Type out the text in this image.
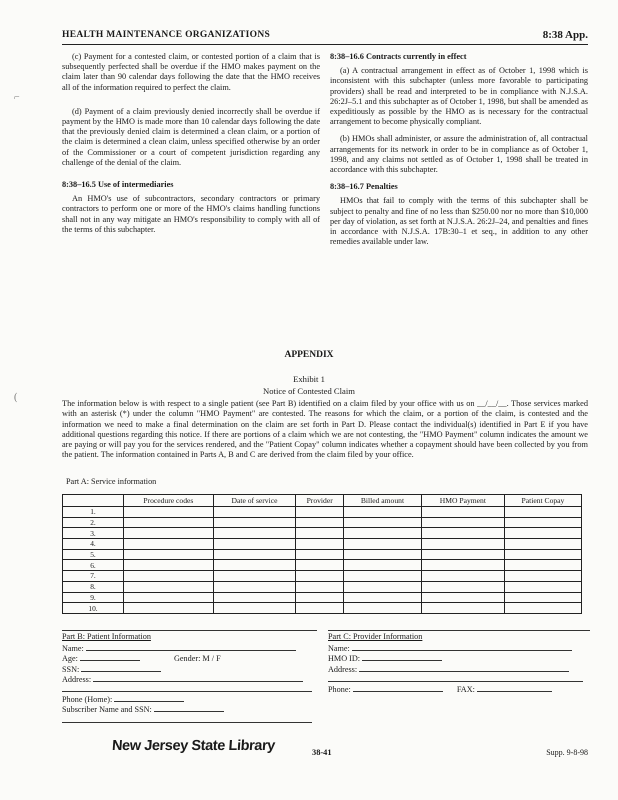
HEALTH MAINTENANCE ORGANIZATIONS	8:38 App.

(c) Payment for a contested claim, or contested portion of a claim that is subsequently perfected shall be overdue if the HMO makes payment on the claim later than 90 calendar days following the date that the HMO receives all of the information required to perfect the claim.

(d) Payment of a claim previously denied incorrectly shall be overdue if payment by the HMO is made more than 10 calendar days following the date that the previously denied claim is determined a clean claim, or a portion of the claim is determined a clean claim, unless specified otherwise by an order of the Commissioner or a court of competent jurisdiction regarding any challenge of the denial of the claim.

8:38–16.5 Use of intermediaries

An HMO's use of subcontractors, secondary contractors or primary contractors to perform one or more of the HMO's claims handling functions shall not in any way mitigate an HMO's responsibility to comply with all of the terms of this subchapter.

8:38–16.6 Contracts currently in effect

(a) A contractual arrangement in effect as of October 1, 1998 which is inconsistent with this subchapter (unless more favorable to participating providers) shall be read and interpreted to be in compliance with N.J.S.A. 26:2J–5.1 and this subchapter as of October 1, 1998, but shall be amended as expeditiously as possible by the HMO as is necessary for the contractual arrangement to become physically compliant.

(b) HMOs shall administer, or assure the administration of, all contractual arrangements for its network in order to be in compliance as of October 1, 1998, and any claims not settled as of October 1, 1998 shall be treated in accordance with this subchapter.

8:38–16.7 Penalties

HMOs that fail to comply with the terms of this subchapter shall be subject to penalty and fine of no less than $250.00 nor no more than $10,000 per day of violation, as set forth at N.J.S.A. 26:2J–24, and penalties and fines in accordance with N.J.S.A. 17B:30–1 et seq., in addition to any other remedies available under law.

APPENDIX
Exhibit 1
Notice of Contested Claim
The information below is with respect to a single patient (see Part B) identified on a claim filed by your office with us on __/__/__. Those services marked with an asterisk (*) under the column "HMO Payment" are contested. The reasons for which the claim, or a portion of the claim, is contested and the information we need to make a final determination on the claim are set forth in Part D. Please contact the individual(s) identified in Part E if you have additional questions regarding this notice. If there are portions of a claim which we are not contesting, the "HMO Payment" column indicates the amount we are paying or will pay you for the services rendered, and the "Patient Copay" column indicates whether a copayment should have been collected by you from the patient. The information contained in Parts A, B and C are derived from the claim filed by your office.
Part A: Service information
	Procedure codes	Date of service	Provider	Billed amount	HMO Payment	Patient Copay
1.						
2.						
3.						
4.						
5.						
6.						
7.						
8.						
9.						
10.						
Part B: Patient Information
Name:
Age:	Gender: M / F
SSN:
Address:
Phone (Home):
Subscriber Name and SSN:
Part C: Provider Information
Name:
HMO ID:
Address:
Phone:	FAX:
⌐
(
New Jersey State Library	38-41	Supp. 9-8-98
